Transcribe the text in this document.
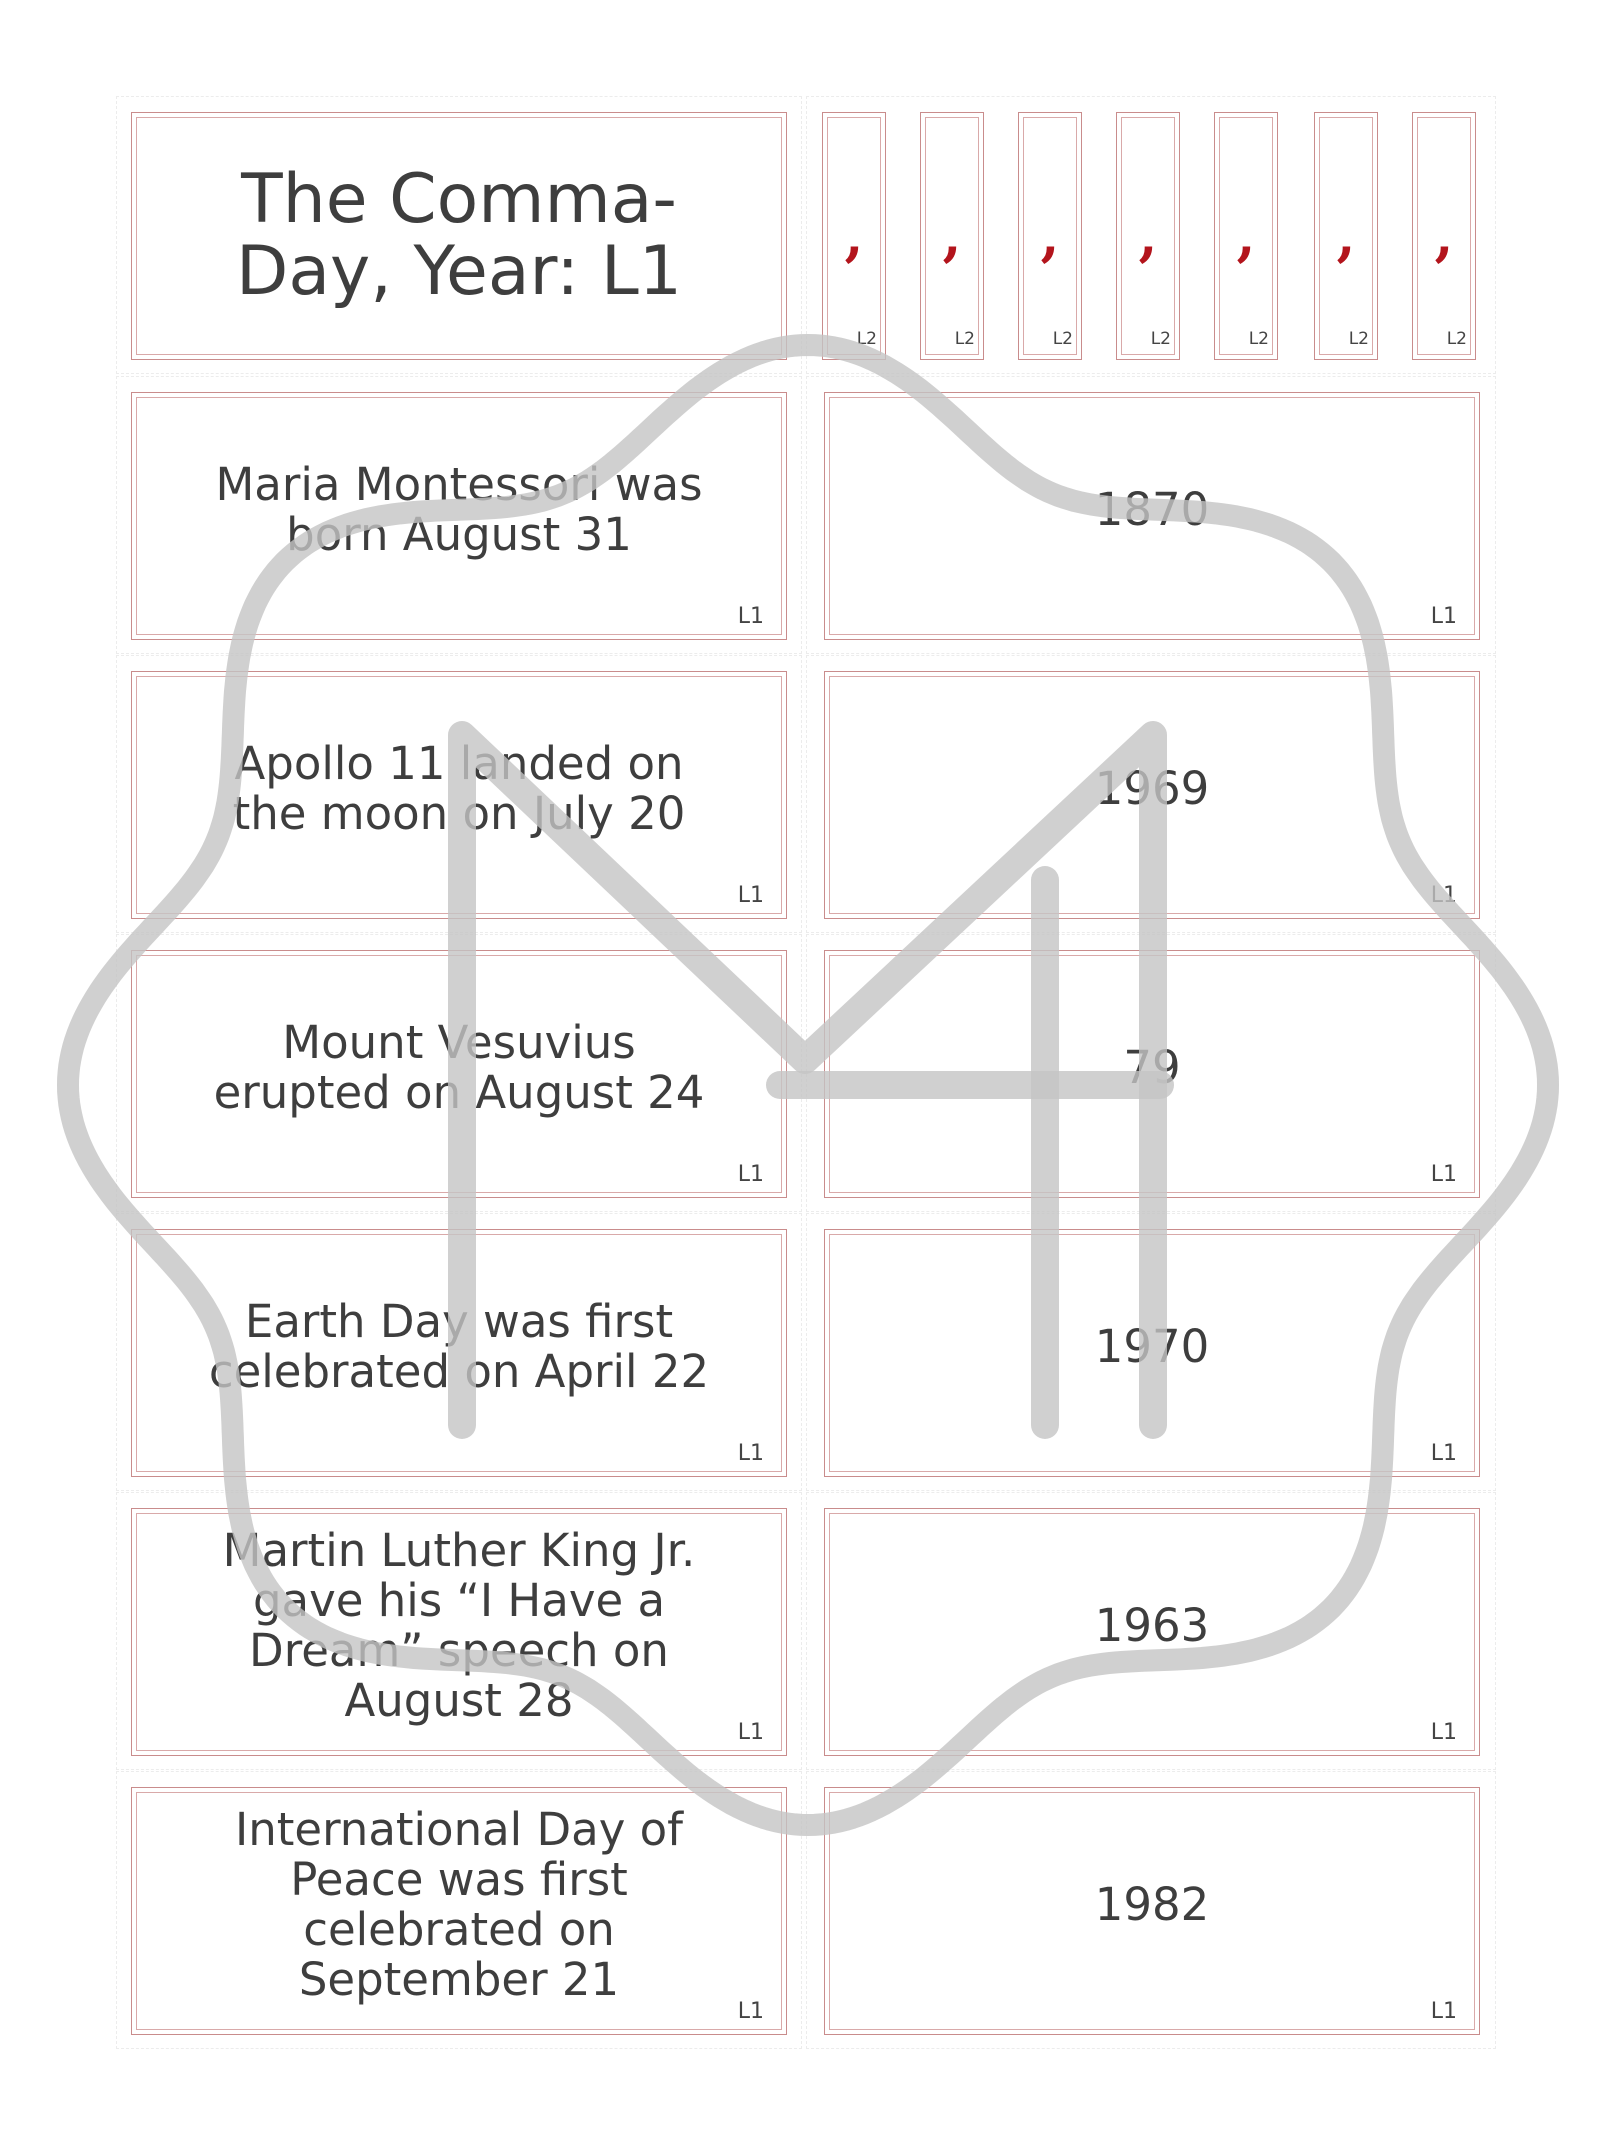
The Comma- Day, Year: L1	,
L2
,
L2
,
L2
,
L2
,
L2
,
L2
,
L2
Maria Montessori was born August 31
L1
1870
L1
Apollo 11 landed on the moon on July 20
L1
1969
L1
Mount Vesuvius erupted on August 24
L1
79
L1
Earth Day was first celebrated on April 22
L1
1970
L1
Martin Luther King Jr. gave his “I Have a Dream” speech on August 28
L1
1963
L1
International Day of Peace was first celebrated on September 21
L1
1982
L1
